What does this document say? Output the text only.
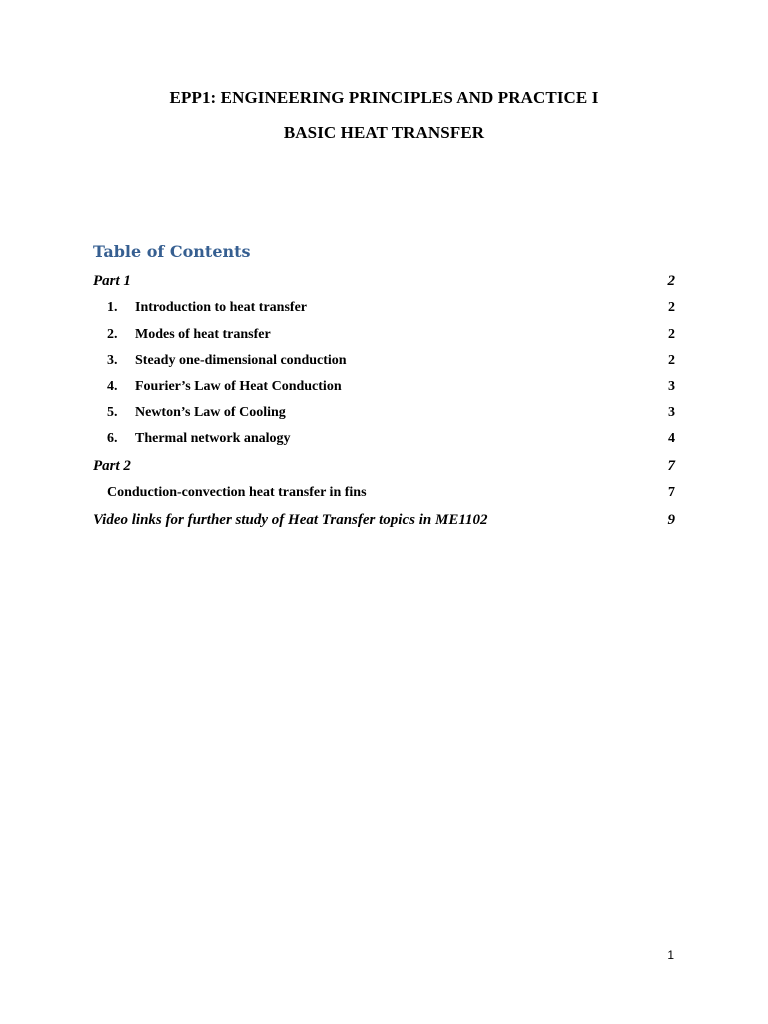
EPP1: ENGINEERING PRINCIPLES AND PRACTICE I
BASIC HEAT TRANSFER
Table of Contents
Part 1	2
1. Introduction to heat transfer	2
2. Modes of heat transfer	2
3. Steady one-dimensional conduction	2
4. Fourier’s Law of Heat Conduction	3
5. Newton’s Law of Cooling	3
6. Thermal network analogy	4
Part 2	7
Conduction-convection heat transfer in fins	7
Video links for further study of Heat Transfer topics in ME1102	9
1
